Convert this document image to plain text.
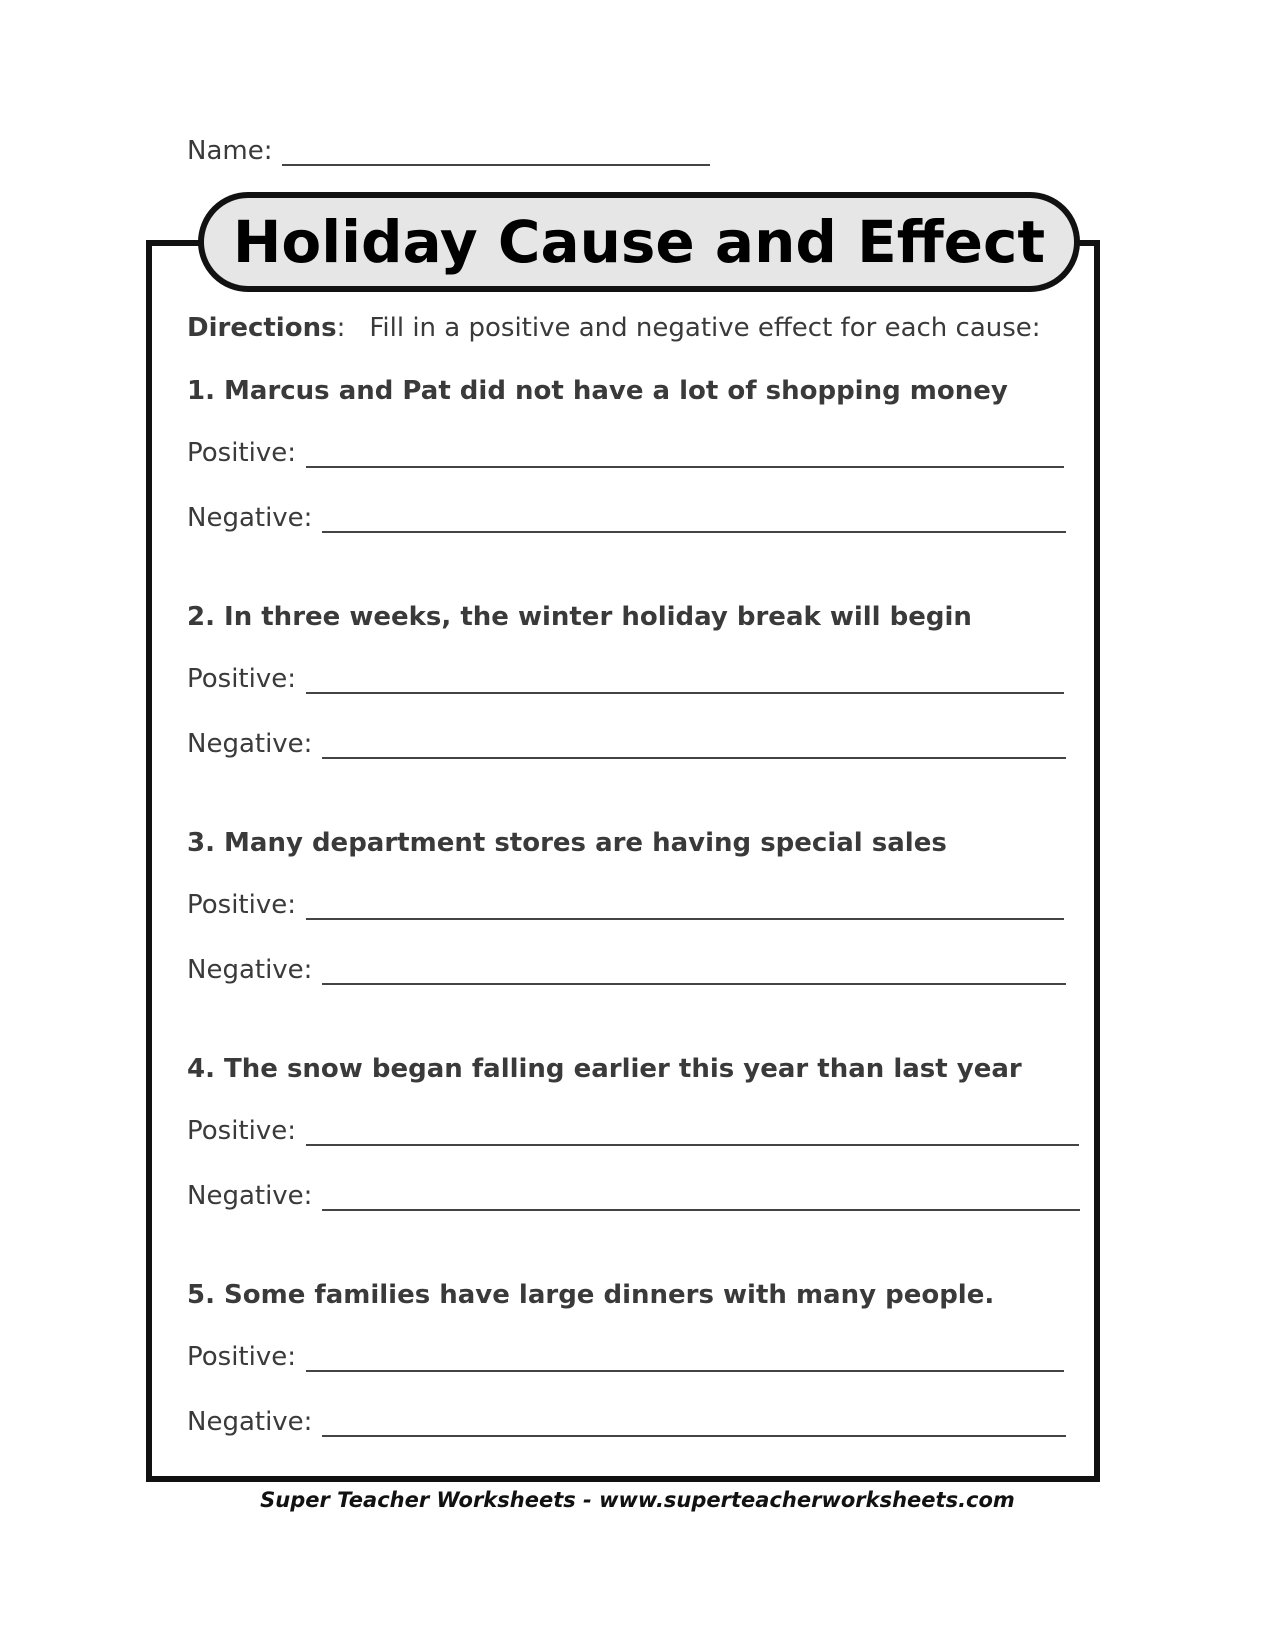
Name:
Holiday Cause and Effect
Directions: Fill in a positive and negative effect for each cause:
1. Marcus and Pat did not have a lot of shopping money
Positive:
Negative:
2. In three weeks, the winter holiday break will begin
Positive:
Negative:
3. Many department stores are having special sales
Positive:
Negative:
4. The snow began falling earlier this year than last year
Positive:
Negative:
5. Some families have large dinners with many people.
Positive:
Negative:
Super Teacher Worksheets - www.superteacherworksheets.com
